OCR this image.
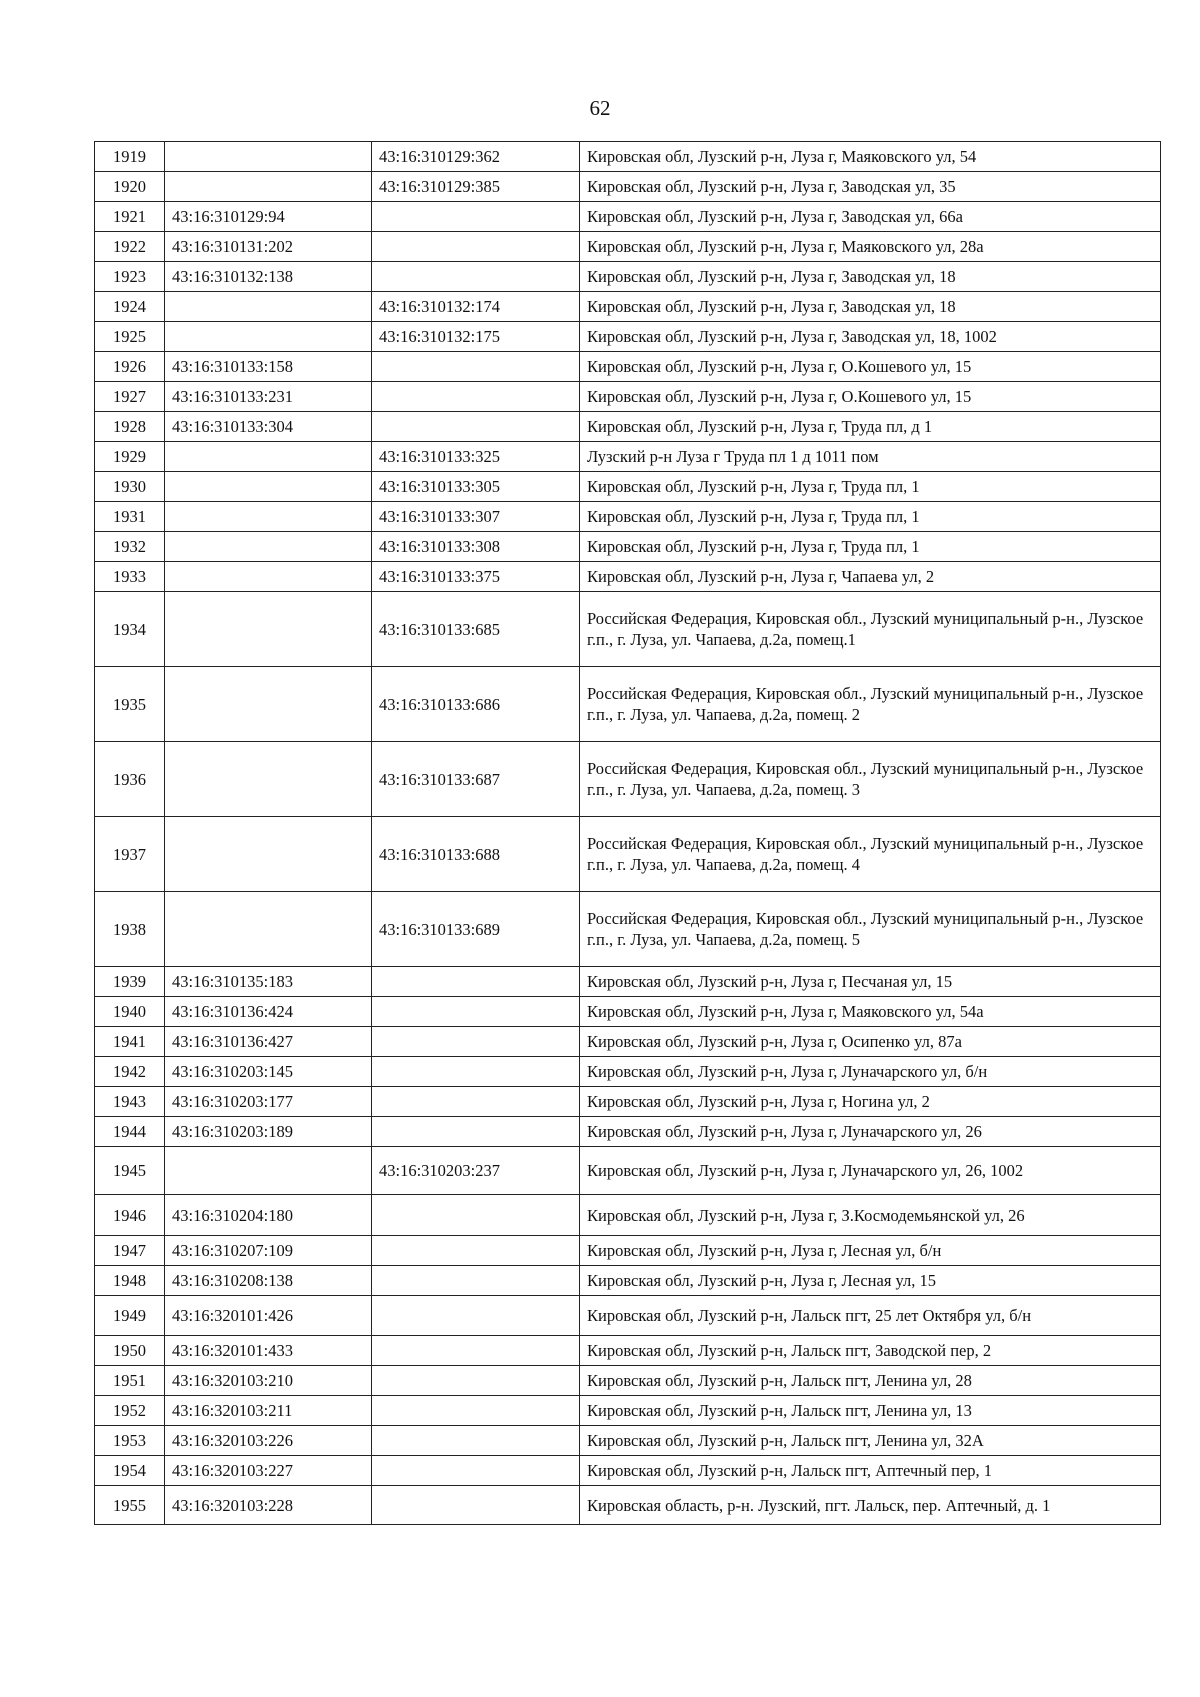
62
1919		43:16:310129:362	Кировская обл, Лузский р-н, Луза г, Маяковского ул, 54
1920		43:16:310129:385	Кировская обл, Лузский р-н, Луза г, Заводская ул, 35
1921	43:16:310129:94		Кировская обл, Лузский р-н, Луза г, Заводская ул, 66а
1922	43:16:310131:202		Кировская обл, Лузский р-н, Луза г, Маяковского ул, 28а
1923	43:16:310132:138		Кировская обл, Лузский р-н, Луза г, Заводская ул, 18
1924		43:16:310132:174	Кировская обл, Лузский р-н, Луза г, Заводская ул, 18
1925		43:16:310132:175	Кировская обл, Лузский р-н, Луза г, Заводская ул, 18, 1002
1926	43:16:310133:158		Кировская обл, Лузский р-н, Луза г, О.Кошевого ул, 15
1927	43:16:310133:231		Кировская обл, Лузский р-н, Луза г, О.Кошевого ул, 15
1928	43:16:310133:304		Кировская обл, Лузский р-н, Луза г, Труда пл, д 1
1929		43:16:310133:325	Лузский р-н Луза г Труда пл 1 д 1011 пом
1930		43:16:310133:305	Кировская обл, Лузский р-н, Луза г, Труда пл, 1
1931		43:16:310133:307	Кировская обл, Лузский р-н, Луза г, Труда пл, 1
1932		43:16:310133:308	Кировская обл, Лузский р-н, Луза г, Труда пл, 1
1933		43:16:310133:375	Кировская обл, Лузский р-н, Луза г, Чапаева ул, 2
1934		43:16:310133:685	Российская Федерация, Кировская обл., Лузский муниципальный р-н., Лузское г.п., г. Луза, ул. Чапаева, д.2а, помещ.1
1935		43:16:310133:686	Российская Федерация, Кировская обл., Лузский муниципальный р-н., Лузское г.п., г. Луза, ул. Чапаева, д.2а, помещ. 2
1936		43:16:310133:687	Российская Федерация, Кировская обл., Лузский муниципальный р-н., Лузское г.п., г. Луза, ул. Чапаева, д.2а, помещ. 3
1937		43:16:310133:688	Российская Федерация, Кировская обл., Лузский муниципальный р-н., Лузское г.п., г. Луза, ул. Чапаева, д.2а, помещ. 4
1938		43:16:310133:689	Российская Федерация, Кировская обл., Лузский муниципальный р-н., Лузское г.п., г. Луза, ул. Чапаева, д.2а, помещ. 5
1939	43:16:310135:183		Кировская обл, Лузский р-н, Луза г, Песчаная ул, 15
1940	43:16:310136:424		Кировская обл, Лузский р-н, Луза г, Маяковского ул, 54а
1941	43:16:310136:427		Кировская обл, Лузский р-н, Луза г, Осипенко ул, 87а
1942	43:16:310203:145		Кировская обл, Лузский р-н, Луза г, Луначарского ул, б/н
1943	43:16:310203:177		Кировская обл, Лузский р-н, Луза г, Ногина ул, 2
1944	43:16:310203:189		Кировская обл, Лузский р-н, Луза г, Луначарского ул, 26
1945		43:16:310203:237	Кировская обл, Лузский р-н, Луза г, Луначарского ул, 26, 1002
1946	43:16:310204:180		Кировская обл, Лузский р-н, Луза г, З.Космодемьянской ул, 26
1947	43:16:310207:109		Кировская обл, Лузский р-н, Луза г, Лесная ул, б/н
1948	43:16:310208:138		Кировская обл, Лузский р-н, Луза г, Лесная ул, 15
1949	43:16:320101:426		Кировская обл, Лузский р-н, Лальск пгт, 25 лет Октября ул, б/н
1950	43:16:320101:433		Кировская обл, Лузский р-н, Лальск пгт, Заводской пер, 2
1951	43:16:320103:210		Кировская обл, Лузский р-н, Лальск пгт, Ленина ул, 28
1952	43:16:320103:211		Кировская обл, Лузский р-н, Лальск пгт, Ленина ул, 13
1953	43:16:320103:226		Кировская обл, Лузский р-н, Лальск пгт, Ленина ул, 32А
1954	43:16:320103:227		Кировская обл, Лузский р-н, Лальск пгт, Аптечный пер, 1
1955	43:16:320103:228		Кировская область, р-н. Лузский, пгт. Лальск, пер. Аптечный, д. 1
